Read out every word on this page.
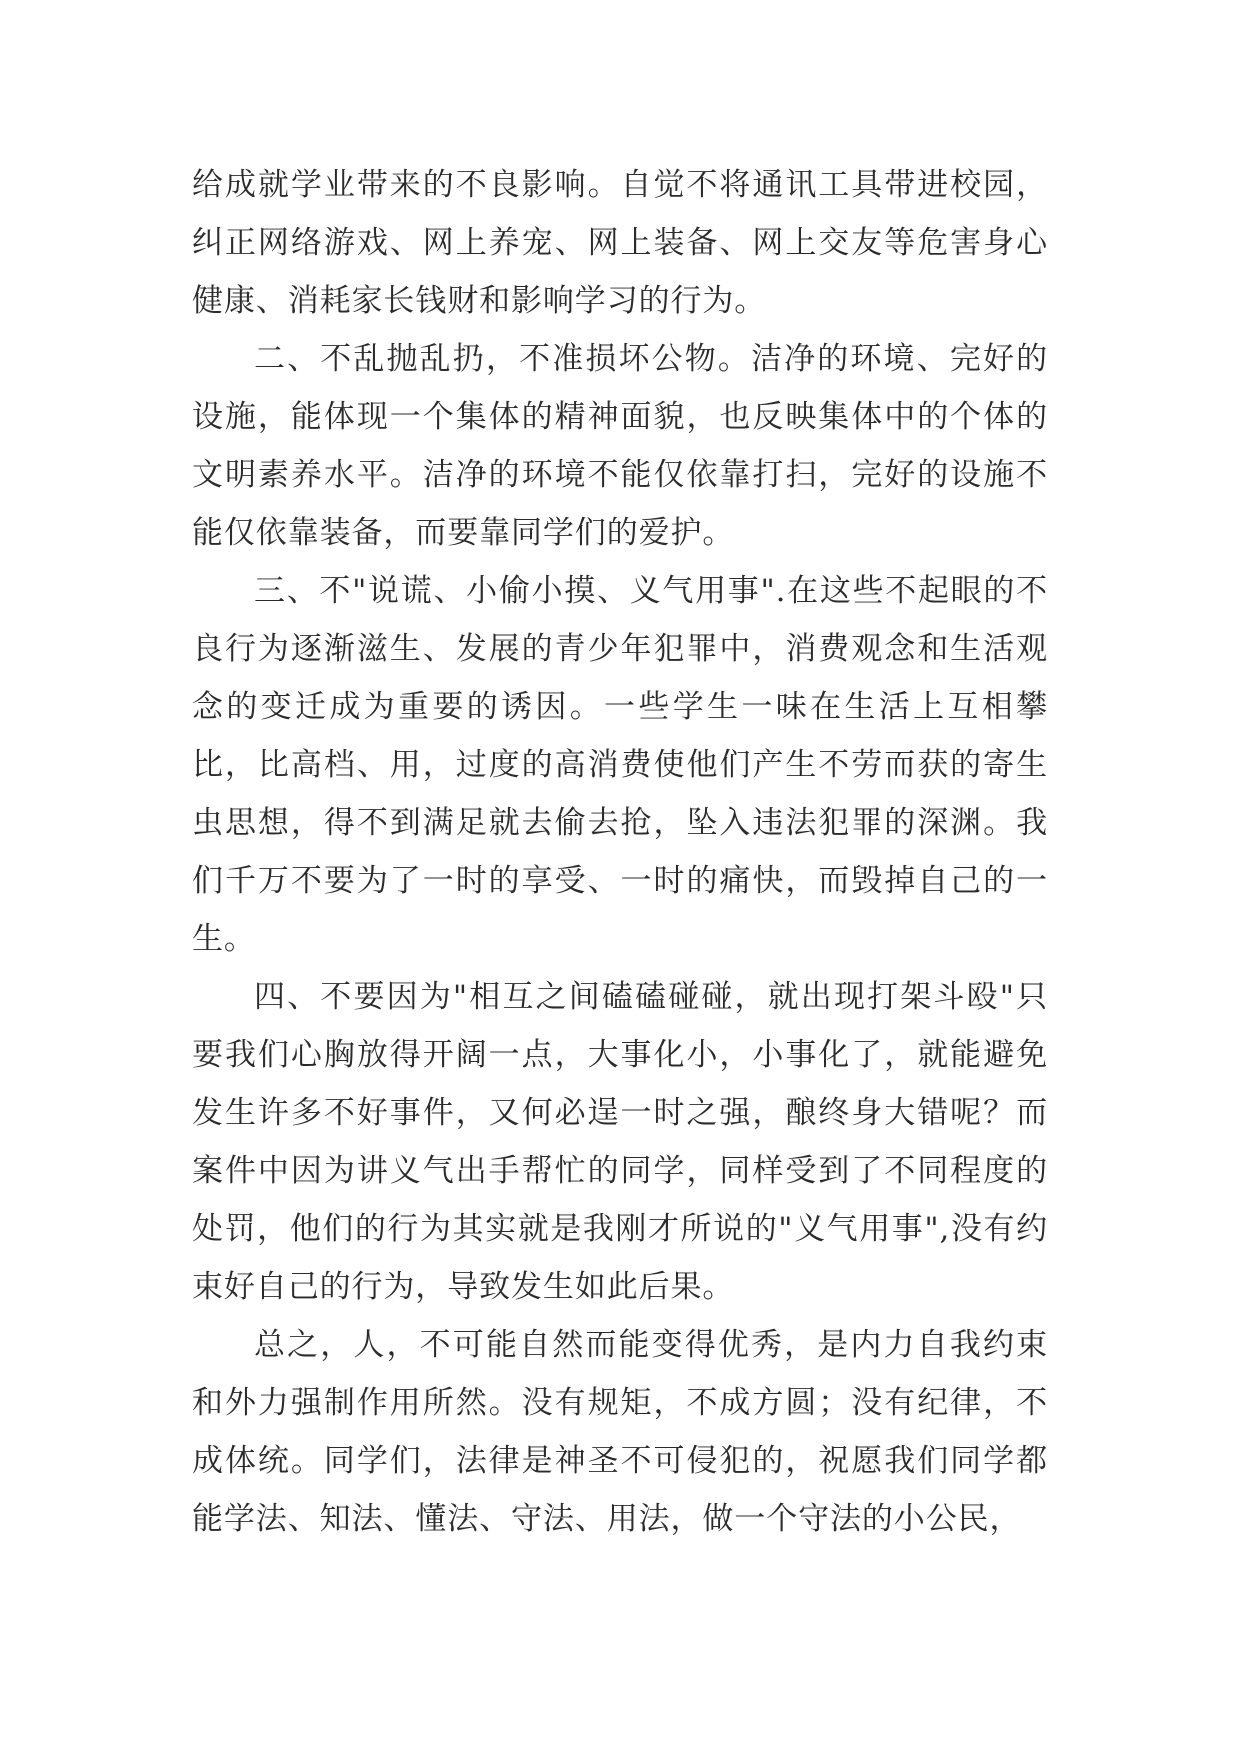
给成就学业带来的不良影响。自觉不将通讯工具带进校园，纠正网络游戏、网上养宠、网上装备、网上交友等危害身心健康、消耗家长钱财和影响学习的行为。

二、不乱抛乱扔，不准损坏公物。洁净的环境、完好的设施，能体现一个集体的精神面貌，也反映集体中的个体的文明素养水平。洁净的环境不能仅依靠打扫，完好的设施不能仅依靠装备，而要靠同学们的爱护。

三、不"说谎、小偷小摸、义气用事".在这些不起眼的不良行为逐渐滋生、发展的青少年犯罪中，消费观念和生活观念的变迁成为重要的诱因。一些学生一味在生活上互相攀比，比高档、用，过度的高消费使他们产生不劳而获的寄生虫思想，得不到满足就去偷去抢，坠入违法犯罪的深渊。我们千万不要为了一时的享受、一时的痛快，而毁掉自己的一生。

四、不要因为"相互之间磕磕碰碰，就出现打架斗殴"只要我们心胸放得开阔一点，大事化小，小事化了，就能避免发生许多不好事件，又何必逞一时之强，酿终身大错呢？而案件中因为讲义气出手帮忙的同学，同样受到了不同程度的处罚，他们的行为其实就是我刚才所说的"义气用事",没有约束好自己的行为，导致发生如此后果。

总之，人，不可能自然而能变得优秀，是内力自我约束和外力强制作用所然。没有规矩，不成方圆；没有纪律，不成体统。同学们，法律是神圣不可侵犯的，祝愿我们同学都能学法、知法、懂法、守法、用法，做一个守法的小公民，
